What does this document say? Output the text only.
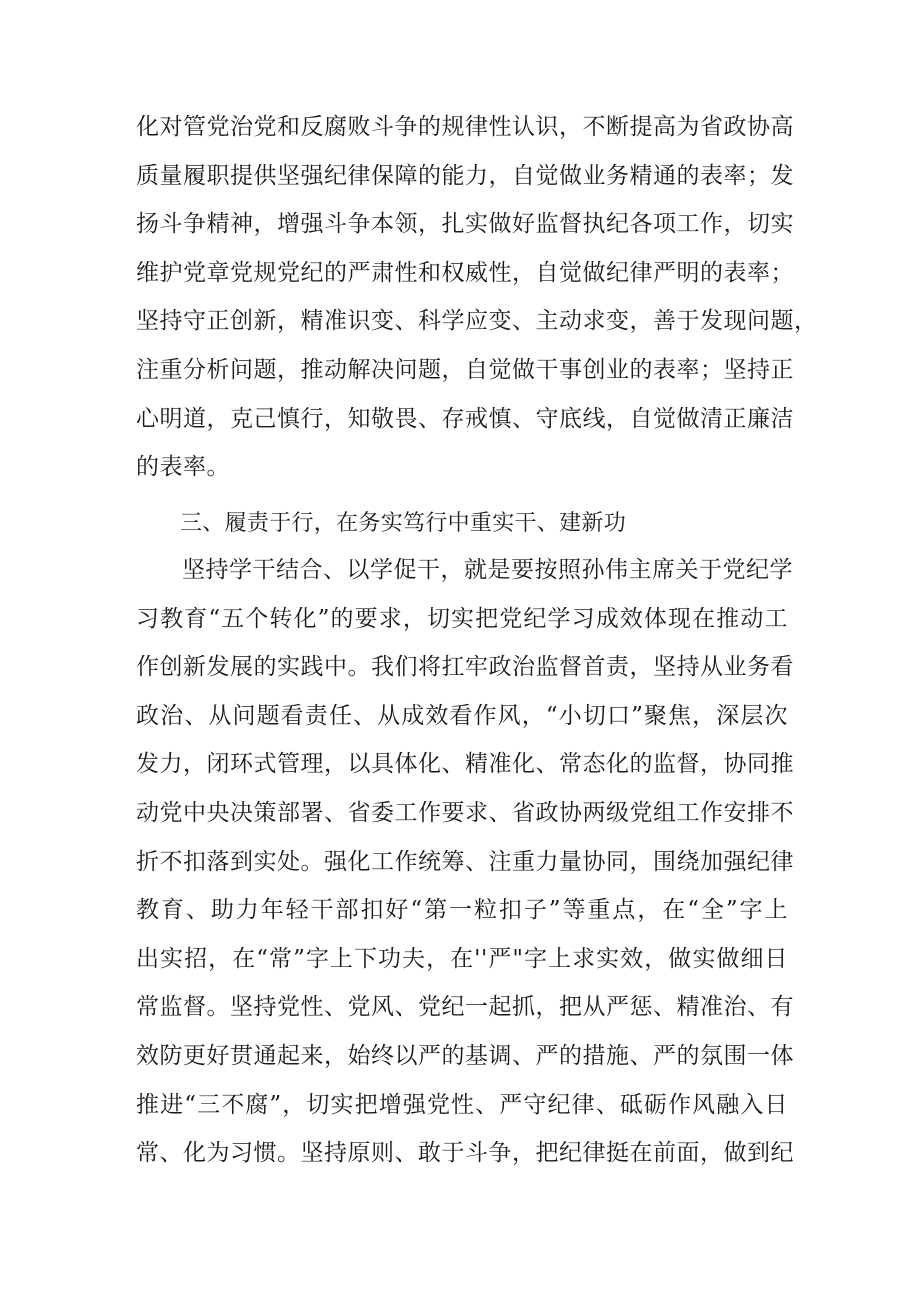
化对管党治党和反腐败斗争的规律性认识，不断提高为省政协高
质量履职提供坚强纪律保障的能力，自觉做业务精通的表率；发
扬斗争精神，增强斗争本领，扎实做好监督执纪各项工作，切实
维护党章党规党纪的严肃性和权威性，自觉做纪律严明的表率；
坚持守正创新，精准识变、科学应变、主动求变，善于发现问题，
注重分析问题，推动解决问题，自觉做干事创业的表率；坚持正
心明道，克己慎行，知敬畏、存戒慎、守底线，自觉做清正廉洁
的表率。
三、履责于行，在务实笃行中重实干、建新功
坚持学干结合、以学促干，就是要按照孙伟主席关于党纪学
习教育“五个转化”的要求，切实把党纪学习成效体现在推动工
作创新发展的实践中。我们将扛牢政治监督首责，坚持从业务看
政治、从问题看责任、从成效看作风，“小切口”聚焦，深层次
发力，闭环式管理，以具体化、精准化、常态化的监督，协同推
动党中央决策部署、省委工作要求、省政协两级党组工作安排不
折不扣落到实处。强化工作统筹、注重力量协同，围绕加强纪律
教育、助力年轻干部扣好“第一粒扣子”等重点，在“全”字上
出实招，在“常”字上下功夫，在''严"字上求实效，做实做细日
常监督。坚持党性、党风、党纪一起抓，把从严惩、精准治、有
效防更好贯通起来，始终以严的基调、严的措施、严的氛围一体
推进“三不腐”，切实把增强党性、严守纪律、砥砺作风融入日
常、化为习惯。坚持原则、敢于斗争，把纪律挺在前面，做到纪
